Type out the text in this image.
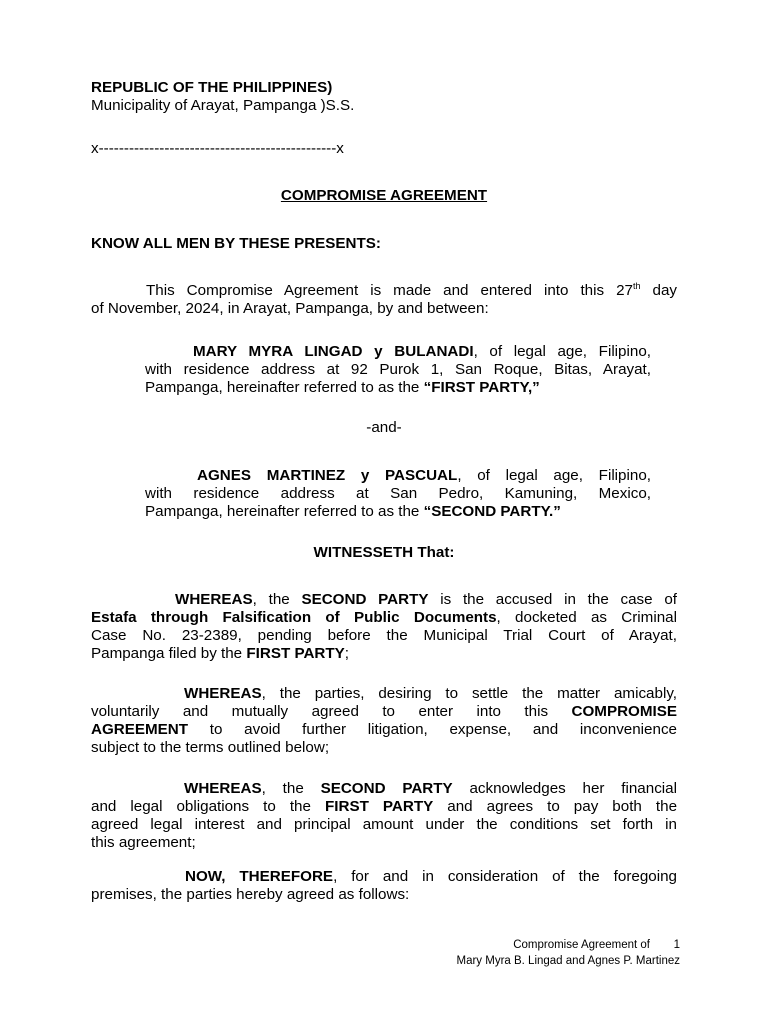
REPUBLIC OF THE PHILIPPINES)
Municipality of Arayat, Pampanga )S.S.
x-----------------------------------------------x
COMPROMISE AGREEMENT
KNOW ALL MEN BY THESE PRESENTS:
This Compromise Agreement is made and entered into this 27th day
of November, 2024, in Arayat, Pampanga, by and between:
MARY MYRA LINGAD y BULANADI, of legal age, Filipino,
with residence address at 92 Purok 1, San Roque, Bitas, Arayat,
Pampanga, hereinafter referred to as the “FIRST PARTY,”
-and-
AGNES MARTINEZ y PASCUAL, of legal age, Filipino,
with residence address at San Pedro, Kamuning, Mexico,
Pampanga, hereinafter referred to as the “SECOND PARTY.”
WITNESSETH That:
WHEREAS, the SECOND PARTY is the accused in the case of
Estafa through Falsification of Public Documents, docketed as Criminal
Case No. 23-2389, pending before the Municipal Trial Court of Arayat,
Pampanga filed by the FIRST PARTY;
WHEREAS, the parties, desiring to settle the matter amicably,
voluntarily and mutually agreed to enter into this COMPROMISE
AGREEMENT to avoid further litigation, expense, and inconvenience
subject to the terms outlined below;
WHEREAS, the SECOND PARTY acknowledges her financial
and legal obligations to the FIRST PARTY and agrees to pay both the
agreed legal interest and principal amount under the conditions set forth in
this agreement;
NOW, THEREFORE, for and in consideration of the foregoing
premises, the parties hereby agreed as follows:
Compromise Agreement of 1
Mary Myra B. Lingad and Agnes P. Martinez
